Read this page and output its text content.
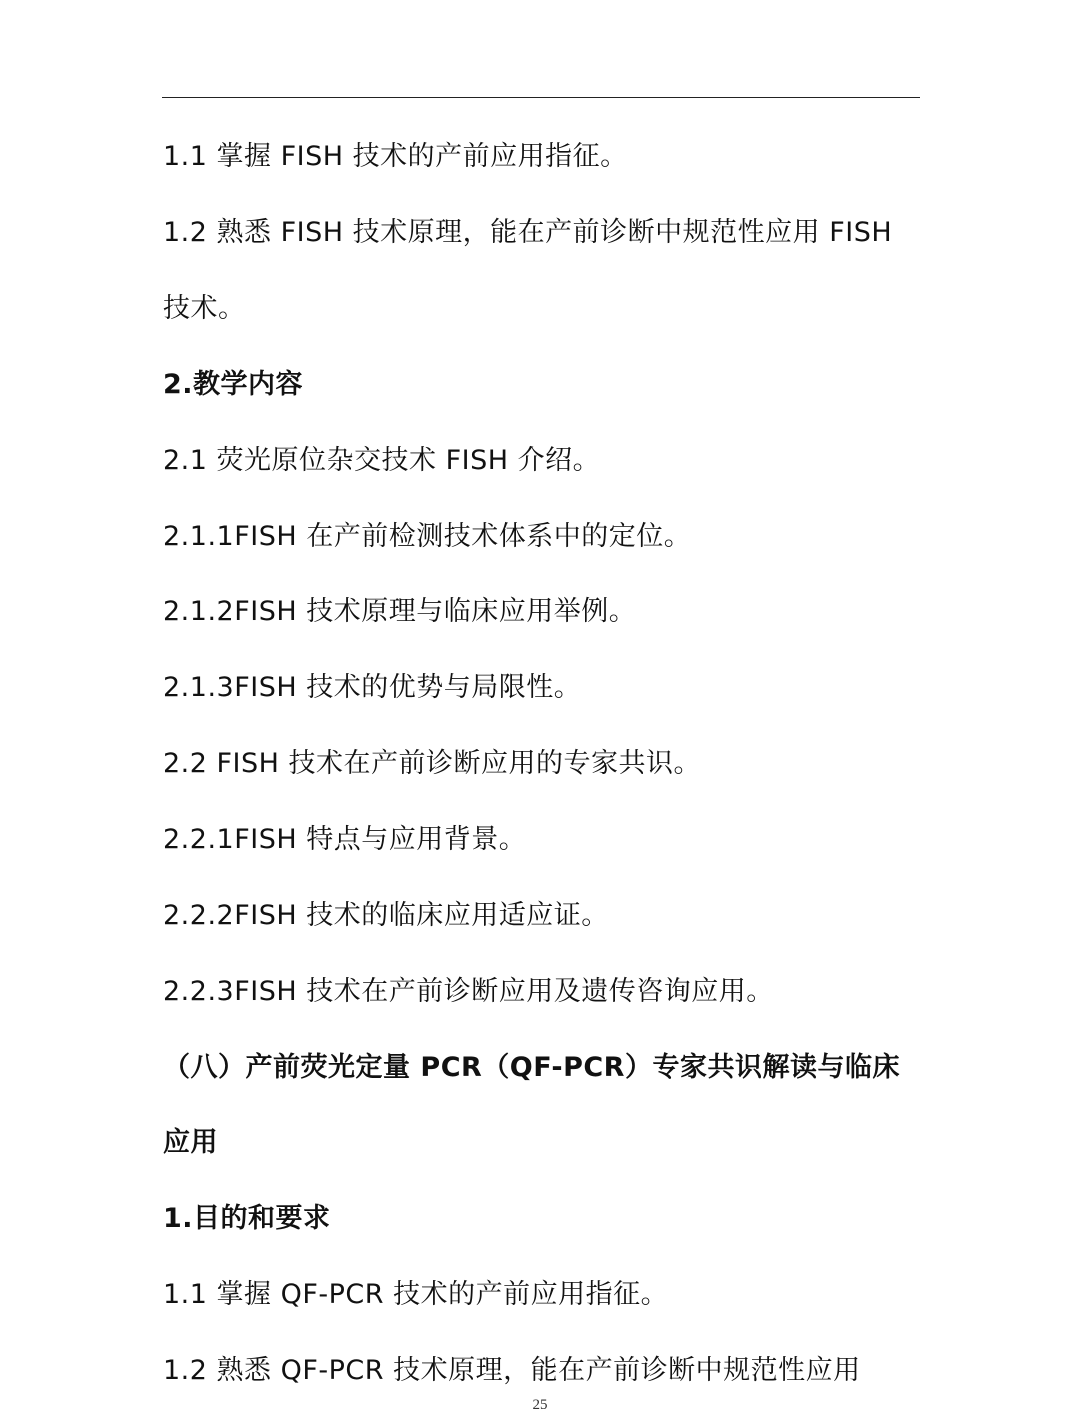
1.1 掌握 FISH 技术的产前应用指征。
1.2 熟悉 FISH 技术原理，能在产前诊断中规范性应用 FISH
技术。
2.教学内容
2.1 荧光原位杂交技术 FISH 介绍。
2.1.1FISH 在产前检测技术体系中的定位。
2.1.2FISH 技术原理与临床应用举例。
2.1.3FISH 技术的优势与局限性。
2.2 FISH 技术在产前诊断应用的专家共识。
2.2.1FISH 特点与应用背景。
2.2.2FISH 技术的临床应用适应证。
2.2.3FISH 技术在产前诊断应用及遗传咨询应用。
（八）产前荧光定量 PCR（QF-PCR）专家共识解读与临床
应用
1.目的和要求
1.1 掌握 QF-PCR 技术的产前应用指征。
1.2 熟悉 QF-PCR 技术原理，能在产前诊断中规范性应用
25
